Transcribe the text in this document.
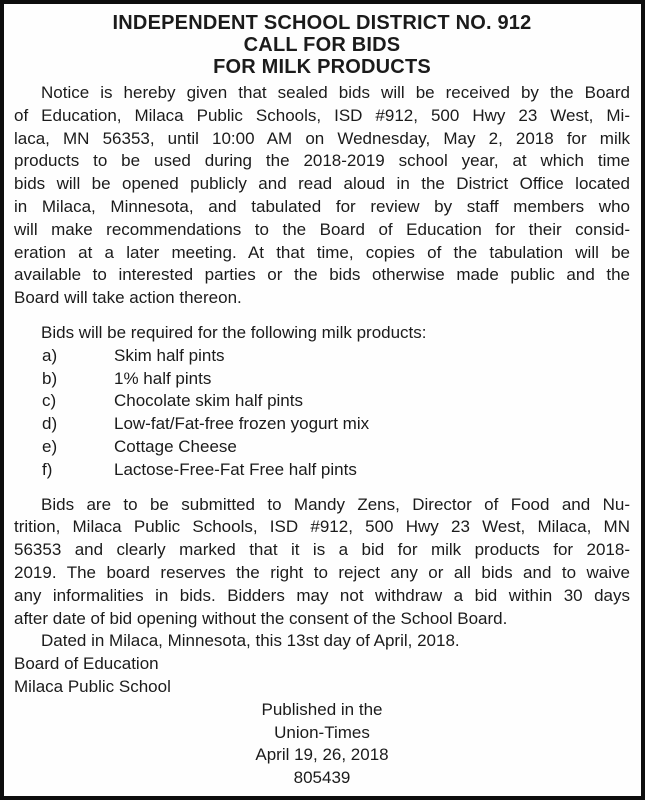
INDEPENDENT SCHOOL DISTRICT NO. 912
CALL FOR BIDS
FOR MILK PRODUCTS
Notice is hereby given that sealed bids will be received by the Board
of Education, Milaca Public Schools, ISD #912, 500 Hwy 23 West, Mi-
laca, MN 56353, until 10:00 AM on Wednesday, May 2, 2018 for milk
products to be used during the 2018-2019 school year, at which time
bids will be opened publicly and read aloud in the District Office located
in Milaca, Minnesota, and tabulated for review by staff members who
will make recommendations to the Board of Education for their consid-
eration at a later meeting. At that time, copies of the tabulation will be
available to interested parties or the bids otherwise made public and the
Board will take action thereon.
Bids will be required for the following milk products:
a)	Skim half pints
b)	1% half pints
c)	Chocolate skim half pints
d)	Low-fat/Fat-free frozen yogurt mix
e)	Cottage Cheese
f)	Lactose-Free-Fat Free half pints
Bids are to be submitted to Mandy Zens, Director of Food and Nu-
trition, Milaca Public Schools, ISD #912, 500 Hwy 23 West, Milaca, MN
56353 and clearly marked that it is a bid for milk products for 2018-
2019. The board reserves the right to reject any or all bids and to waive
any informalities in bids. Bidders may not withdraw a bid within 30 days
after date of bid opening without the consent of the School Board.
Dated in Milaca, Minnesota, this 13st day of April, 2018.
Board of Education
Milaca Public School
Published in the
Union-Times
April 19, 26, 2018
805439
